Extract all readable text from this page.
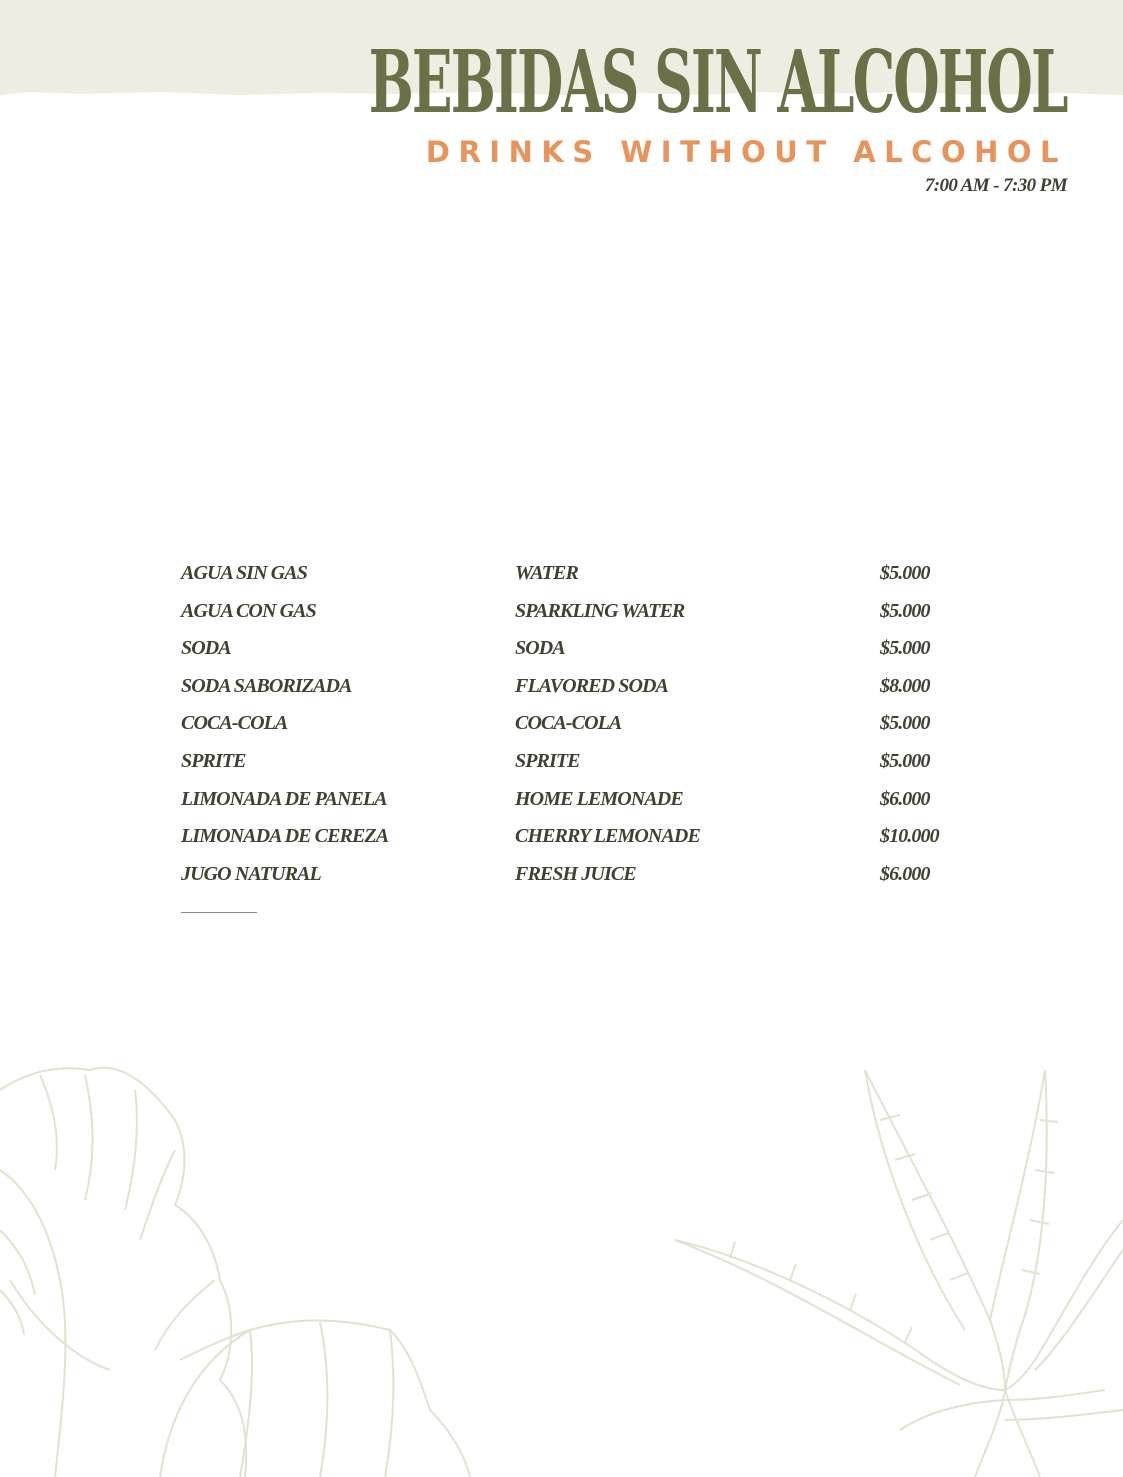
BEBIDAS SIN ALCOHOL
DRINKS WITHOUT ALCOHOL
7:00 AM - 7:30 PM
AGUA SIN GAS	WATER	$5.000
AGUA CON GAS	SPARKLING WATER	$5.000
SODA	SODA	$5.000
SODA SABORIZADA	FLAVORED SODA	$8.000
COCA-COLA	COCA-COLA	$5.000
SPRITE	SPRITE	$5.000
LIMONADA DE PANELA	HOME LEMONADE	$6.000
LIMONADA DE CEREZA	CHERRY LEMONADE	$10.000
JUGO NATURAL	FRESH JUICE	$6.000
